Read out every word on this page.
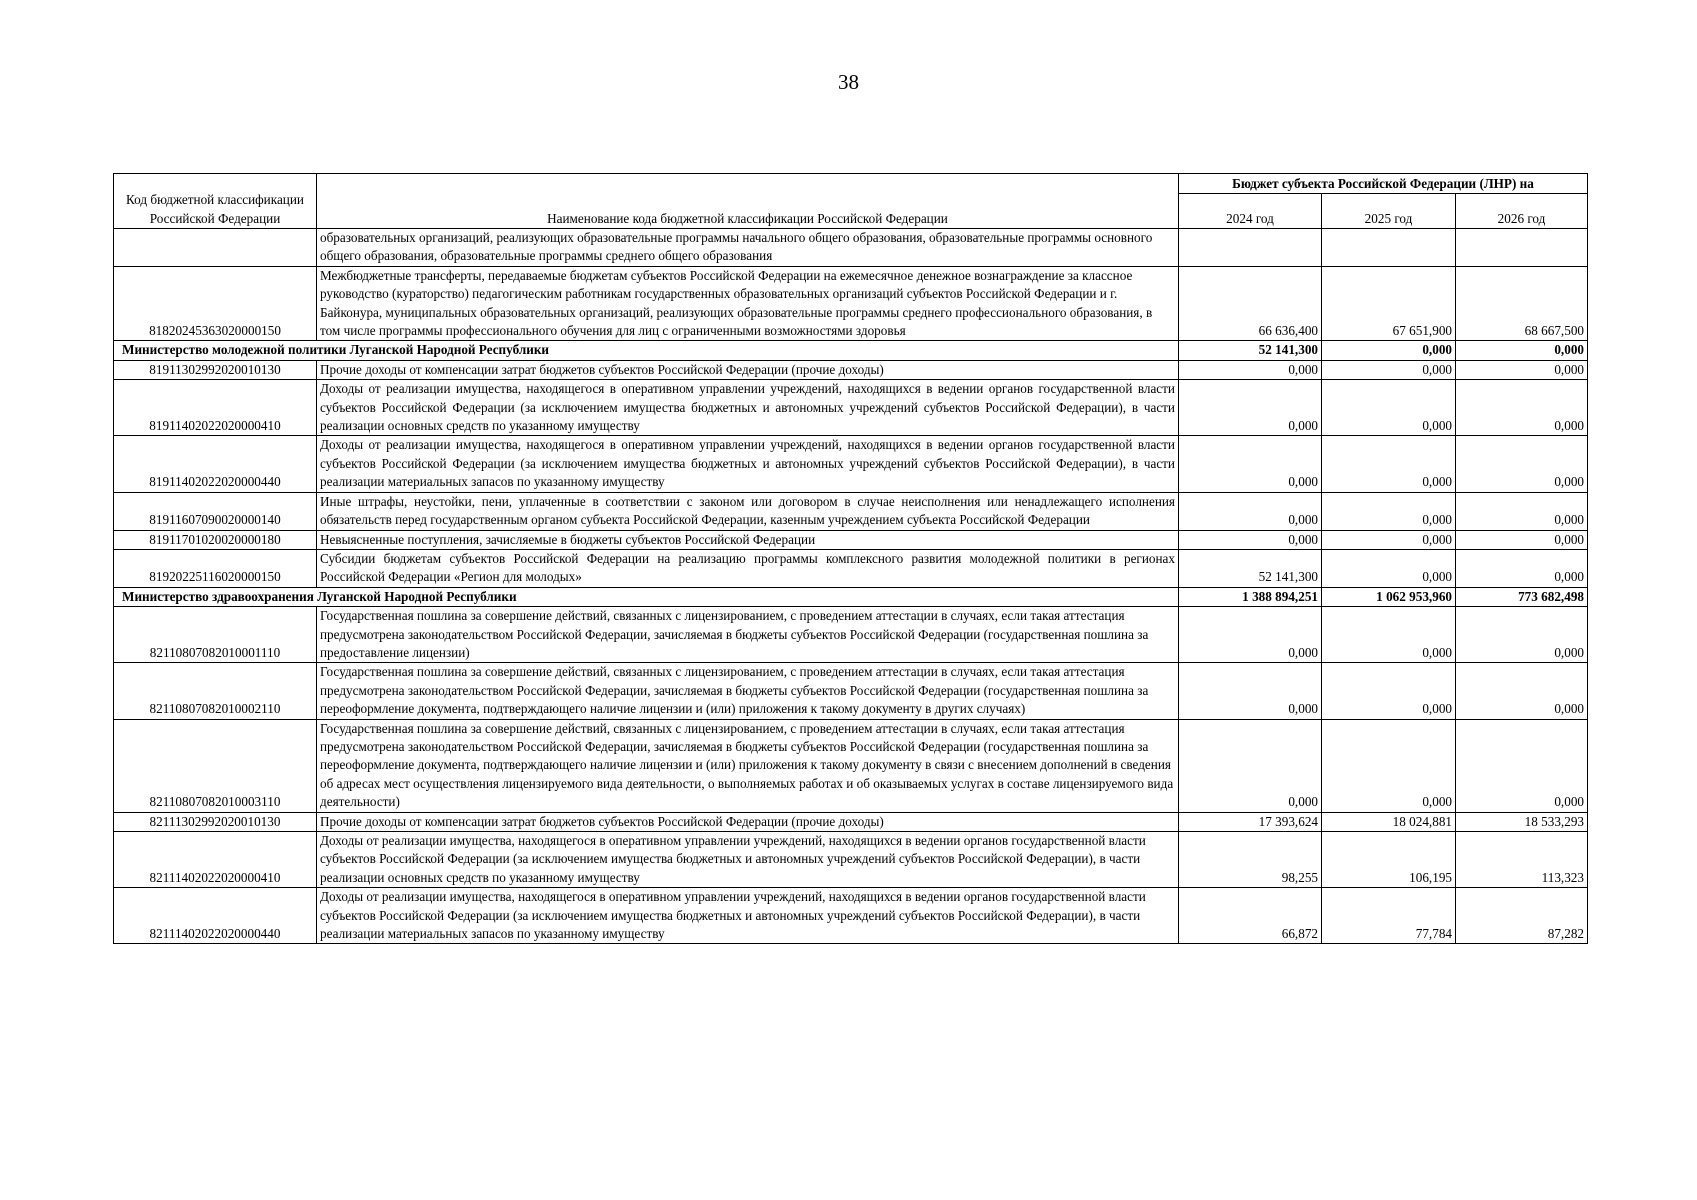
38
Код бюджетной классификации Российской Федерации	Наименование кода бюджетной классификации Российской Федерации	Бюджет субъекта Российской Федерации (ЛНР) на		
		2024 год	2025 год	2026 год
	образовательных организаций, реализующих образовательные программы начального общего образования, образовательные программы основного общего образования, образовательные программы среднего общего образования			
81820245363020000150	Межбюджетные трансферты, передаваемые бюджетам субъектов Российской Федерации на ежемесячное денежное вознаграждение за классное руководство (кураторство) педагогическим работникам государственных образовательных организаций субъектов Российской Федерации и г. Байконура, муниципальных образовательных организаций, реализующих образовательные программы среднего профессионального образования, в том числе программы профессионального обучения для лиц с ограниченными возможностями здоровья	66 636,400	67 651,900	68 667,500
Министерство молодежной политики Луганской Народной Республики		52 141,300	0,000	0,000
81911302992020010130	Прочие доходы от компенсации затрат бюджетов субъектов Российской Федерации (прочие доходы)	0,000	0,000	0,000
81911402022020000410	Доходы от реализации имущества, находящегося в оперативном управлении учреждений, находящихся в ведении органов государственной власти субъектов Российской Федерации (за исключением имущества бюджетных и автономных учреждений субъектов Российской Федерации), в части реализации основных средств по указанному имуществу	0,000	0,000	0,000
81911402022020000440	Доходы от реализации имущества, находящегося в оперативном управлении учреждений, находящихся в ведении органов государственной власти субъектов Российской Федерации (за исключением имущества бюджетных и автономных учреждений субъектов Российской Федерации), в части реализации материальных запасов по указанному имуществу	0,000	0,000	0,000
81911607090020000140	Иные штрафы, неустойки, пени, уплаченные в соответствии с законом или договором в случае неисполнения или ненадлежащего исполнения обязательств перед государственным органом субъекта Российской Федерации, казенным учреждением субъекта Российской Федерации	0,000	0,000	0,000
81911701020020000180	Невыясненные поступления, зачисляемые в бюджеты субъектов Российской Федерации	0,000	0,000	0,000
81920225116020000150	Субсидии бюджетам субъектов Российской Федерации на реализацию программы комплексного развития молодежной политики в регионах Российской Федерации «Регион для молодых»	52 141,300	0,000	0,000
Министерство здравоохранения Луганской Народной Республики		1 388 894,251	1 062 953,960	773 682,498
82110807082010001110	Государственная пошлина за совершение действий, связанных с лицензированием, с проведением аттестации в случаях, если такая аттестация предусмотрена законодательством Российской Федерации, зачисляемая в бюджеты субъектов Российской Федерации (государственная пошлина за предоставление лицензии)	0,000	0,000	0,000
82110807082010002110	Государственная пошлина за совершение действий, связанных с лицензированием, с проведением аттестации в случаях, если такая аттестация предусмотрена законодательством Российской Федерации, зачисляемая в бюджеты субъектов Российской Федерации (государственная пошлина за переоформление документа, подтверждающего наличие лицензии и (или) приложения к такому документу в других случаях)	0,000	0,000	0,000
82110807082010003110	Государственная пошлина за совершение действий, связанных с лицензированием, с проведением аттестации в случаях, если такая аттестация предусмотрена законодательством Российской Федерации, зачисляемая в бюджеты субъектов Российской Федерации (государственная пошлина за переоформление документа, подтверждающего наличие лицензии и (или) приложения к такому документу в связи с внесением дополнений в сведения об адресах мест осуществления лицензируемого вида деятельности, о выполняемых работах и об оказываемых услугах в составе лицензируемого вида деятельности)	0,000	0,000	0,000
82111302992020010130	Прочие доходы от компенсации затрат бюджетов субъектов Российской Федерации (прочие доходы)	17 393,624	18 024,881	18 533,293
82111402022020000410	Доходы от реализации имущества, находящегося в оперативном управлении учреждений, находящихся в ведении органов государственной власти субъектов Российской Федерации (за исключением имущества бюджетных и автономных учреждений субъектов Российской Федерации), в части реализации основных средств по указанному имуществу	98,255	106,195	113,323
82111402022020000440	Доходы от реализации имущества, находящегося в оперативном управлении учреждений, находящихся в ведении органов государственной власти субъектов Российской Федерации (за исключением имущества бюджетных и автономных учреждений субъектов Российской Федерации), в части реализации материальных запасов по указанному имуществу	66,872	77,784	87,282
